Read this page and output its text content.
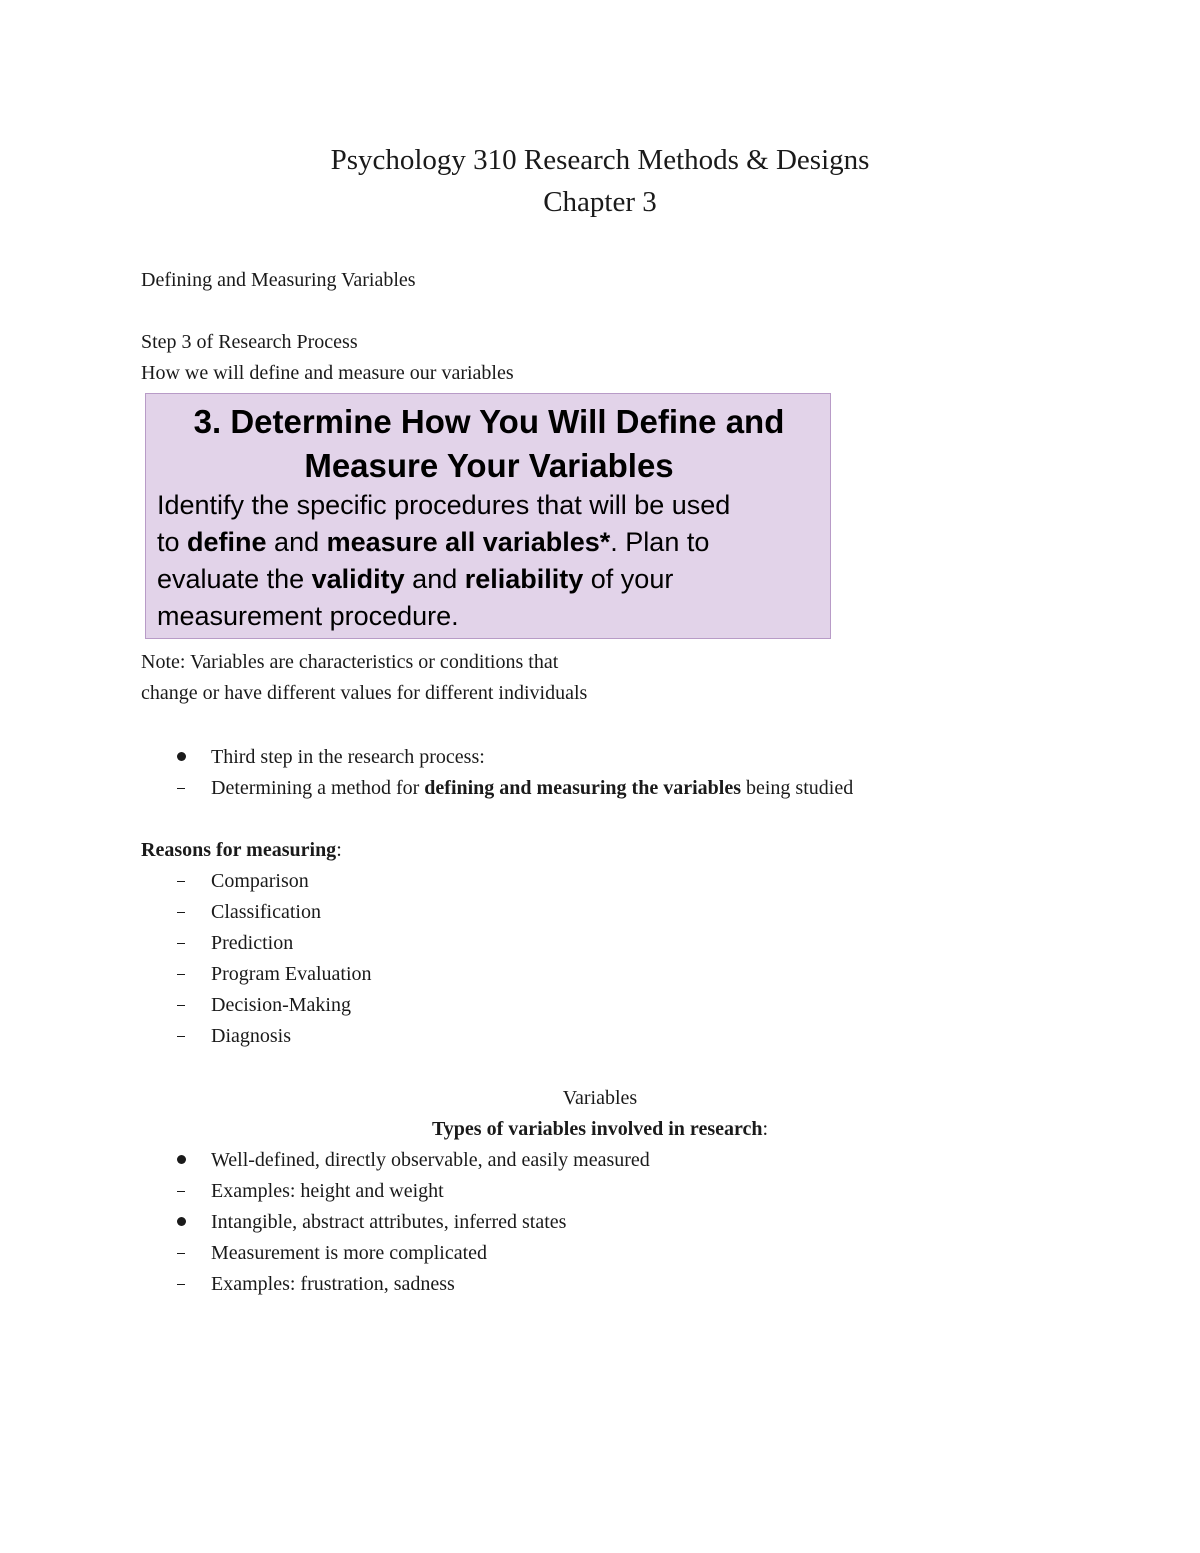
Psychology 310 Research Methods & Designs
Chapter 3
Defining and Measuring Variables
Step 3 of Research Process
How we will define and measure our variables
3. Determine How You Will Define and
Measure Your Variables
Identify the specific procedures that will be used
to define and measure all variables*. Plan to
evaluate the validity and reliability of your
measurement procedure.
Note: Variables are characteristics or conditions that
change or have different values for different individuals
Third step in the research process:
Determining a method for defining and measuring the variables being studied
Reasons for measuring:
Comparison
Classification
Prediction
Program Evaluation
Decision-Making
Diagnosis
Variables
Types of variables involved in research:
Well-defined, directly observable, and easily measured
Examples: height and weight
Intangible, abstract attributes, inferred states
Measurement is more complicated
Examples: frustration, sadness
